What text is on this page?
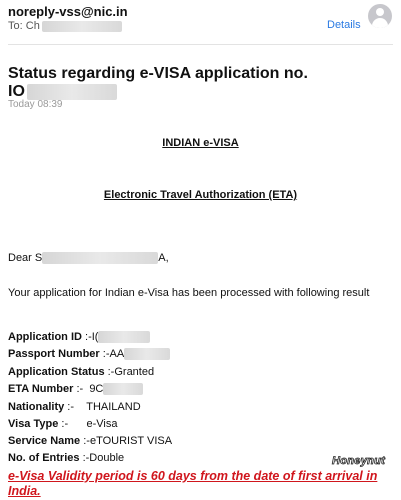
noreply-vss@nic.in
To: Ch	Details
Status regarding e-VISA application no.
IO
Today 08:39
INDIAN e-VISA
Electronic Travel Authorization (ETA)
Dear S	A,
Your application for Indian e-Visa has been processed with following result
Application ID :-I(
Passport Number :-AA
Application Status :-Granted
ETA Number :- 9C
Nationality :- THAILAND
Visa Type :- e-Visa
Service Name :-eTOURIST VISA
No. of Entries :-Double
e-Visa Validity period is 60 days from the date of first arrival in India.
Honeynut
